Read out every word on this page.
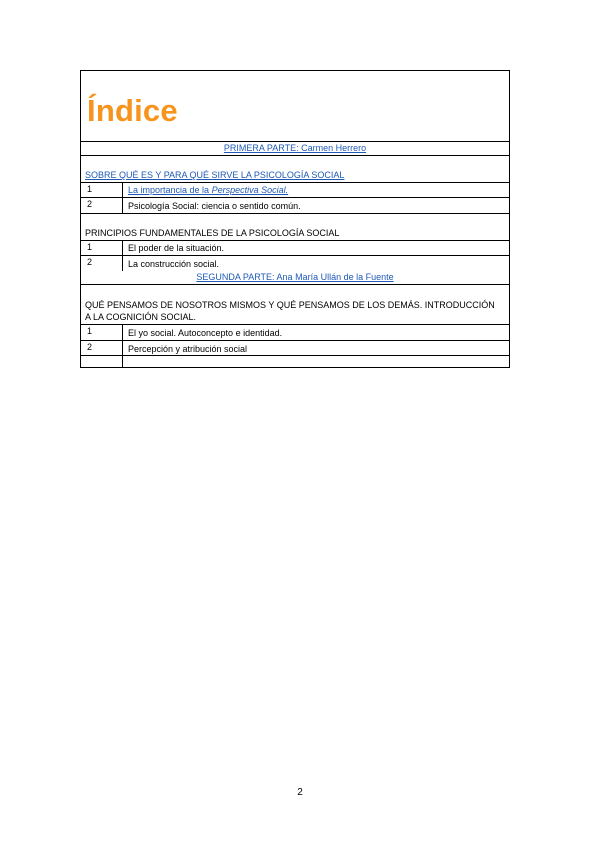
Índice
PRIMERA PARTE: Carmen Herrero
SOBRE QUÉ ES Y PARA QUÉ SIRVE LA PSICOLOGÍA SOCIAL
1	La importancia de la Perspectiva Social.
2	Psicología Social: ciencia o sentido común.
PRINCIPIOS FUNDAMENTALES DE LA PSICOLOGÍA SOCIAL
1	El poder de la situación.
2	La construcción social.
SEGUNDA PARTE: Ana María Ullán de la Fuente
QUÉ PENSAMOS DE NOSOTROS MISMOS Y QUÉ PENSAMOS DE LOS DEMÁS. INTRODUCCIÓN
A LA COGNICIÓN SOCIAL.
1	El yo social. Autoconcepto e identidad.
2	Percepción y atribución social
2
